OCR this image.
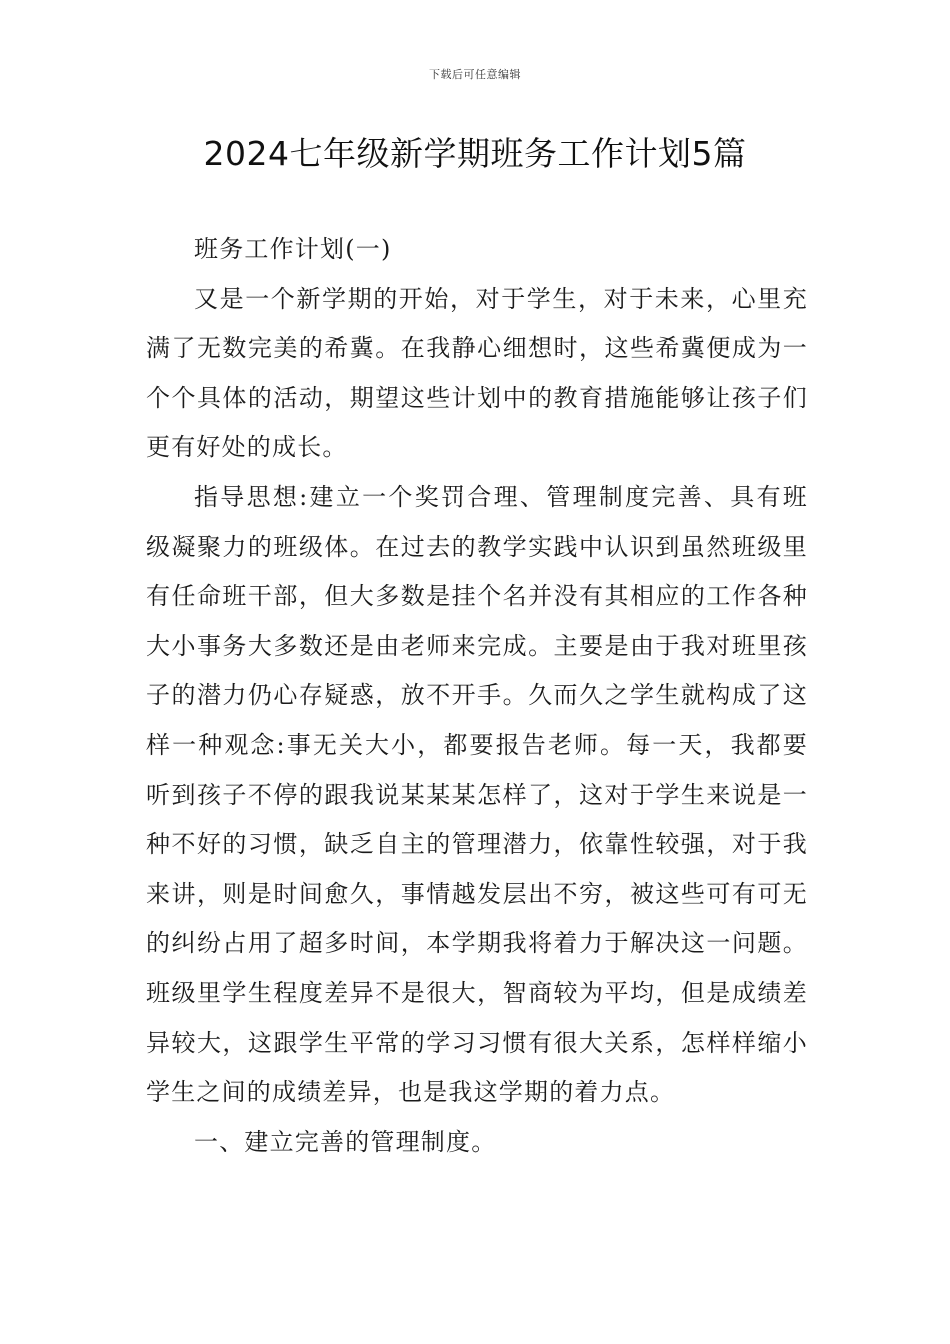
下载后可任意编辑
2024七年级新学期班务工作计划5篇

班务工作计划(一)

又是一个新学期的开始，对于学生，对于未来，心里充满了无数完美的希冀。在我静心细想时，这些希冀便成为一个个具体的活动，期望这些计划中的教育措施能够让孩子们更有好处的成长。

指导思想:建立一个奖罚合理、管理制度完善、具有班级凝聚力的班级体。在过去的教学实践中认识到虽然班级里有任命班干部，但大多数是挂个名并没有其相应的工作各种大小事务大多数还是由老师来完成。主要是由于我对班里孩子的潜力仍心存疑惑，放不开手。久而久之学生就构成了这样一种观念:事无关大小，都要报告老师。每一天，我都要听到孩子不停的跟我说某某某怎样了，这对于学生来说是一种不好的习惯，缺乏自主的管理潜力，依靠性较强，对于我来讲，则是时间愈久，事情越发层出不穷，被这些可有可无的纠纷占用了超多时间，本学期我将着力于解决这一问题。班级里学生程度差异不是很大，智商较为平均，但是成绩差异较大，这跟学生平常的学习习惯有很大关系，怎样样缩小学生之间的成绩差异，也是我这学期的着力点。

一、建立完善的管理制度。
